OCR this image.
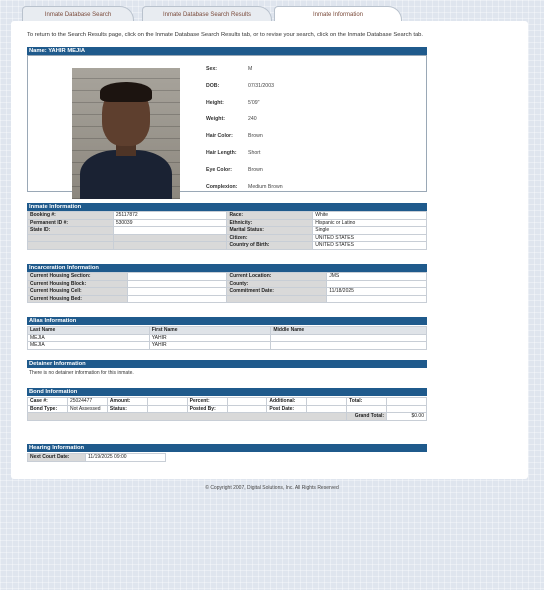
Inmate Database Search	Inmate Database Search Results	Inmate Information
To return to the Search Results page, click on the Inmate Database Search Results tab, or to revise your search, click on the Inmate Database Search tab.
Name: YAHIR MEJIA
Sex:	M
DOB:	07/31/2003
Height:	5'09"
Weight:	240
Hair Color:	Brown
Hair Length: Short
Eye Color:	Brown
Complexion: Medium Brown
Inmate Information
Booking #:	25117872	Race:	White
Permanent ID #:	530039	Ethnicity:	Hispanic or Latino
State ID:		Marital Status:	Single
		Citizen:	UNITED STATES
		Country of Birth:	UNITED STATES
Incarceration Information
Current Housing Section:		Current Location:	JMS
Current Housing Block:		County:	
Current Housing Cell:		Commitment Date:	11/18/2025
Current Housing Bed:			
Alias Information
Last Name	First Name	Middle Name
MEJIA	YAHIR	
MEJIA	YAHIR	
Detainer Information
There is no detainer information for this inmate.
Bond Information
Case #:	25024477	Amount:		Percent:		Additional:		Total:	
Bond Type:	Not Assessed	Status:		Posted By:		Post Date:			
								Grand Total:	$0.00
Hearing Information
Next Court Date:	11/19/2025 09:00	
© Copyright 2007, Digital Solutions, Inc. All Rights Reserved
